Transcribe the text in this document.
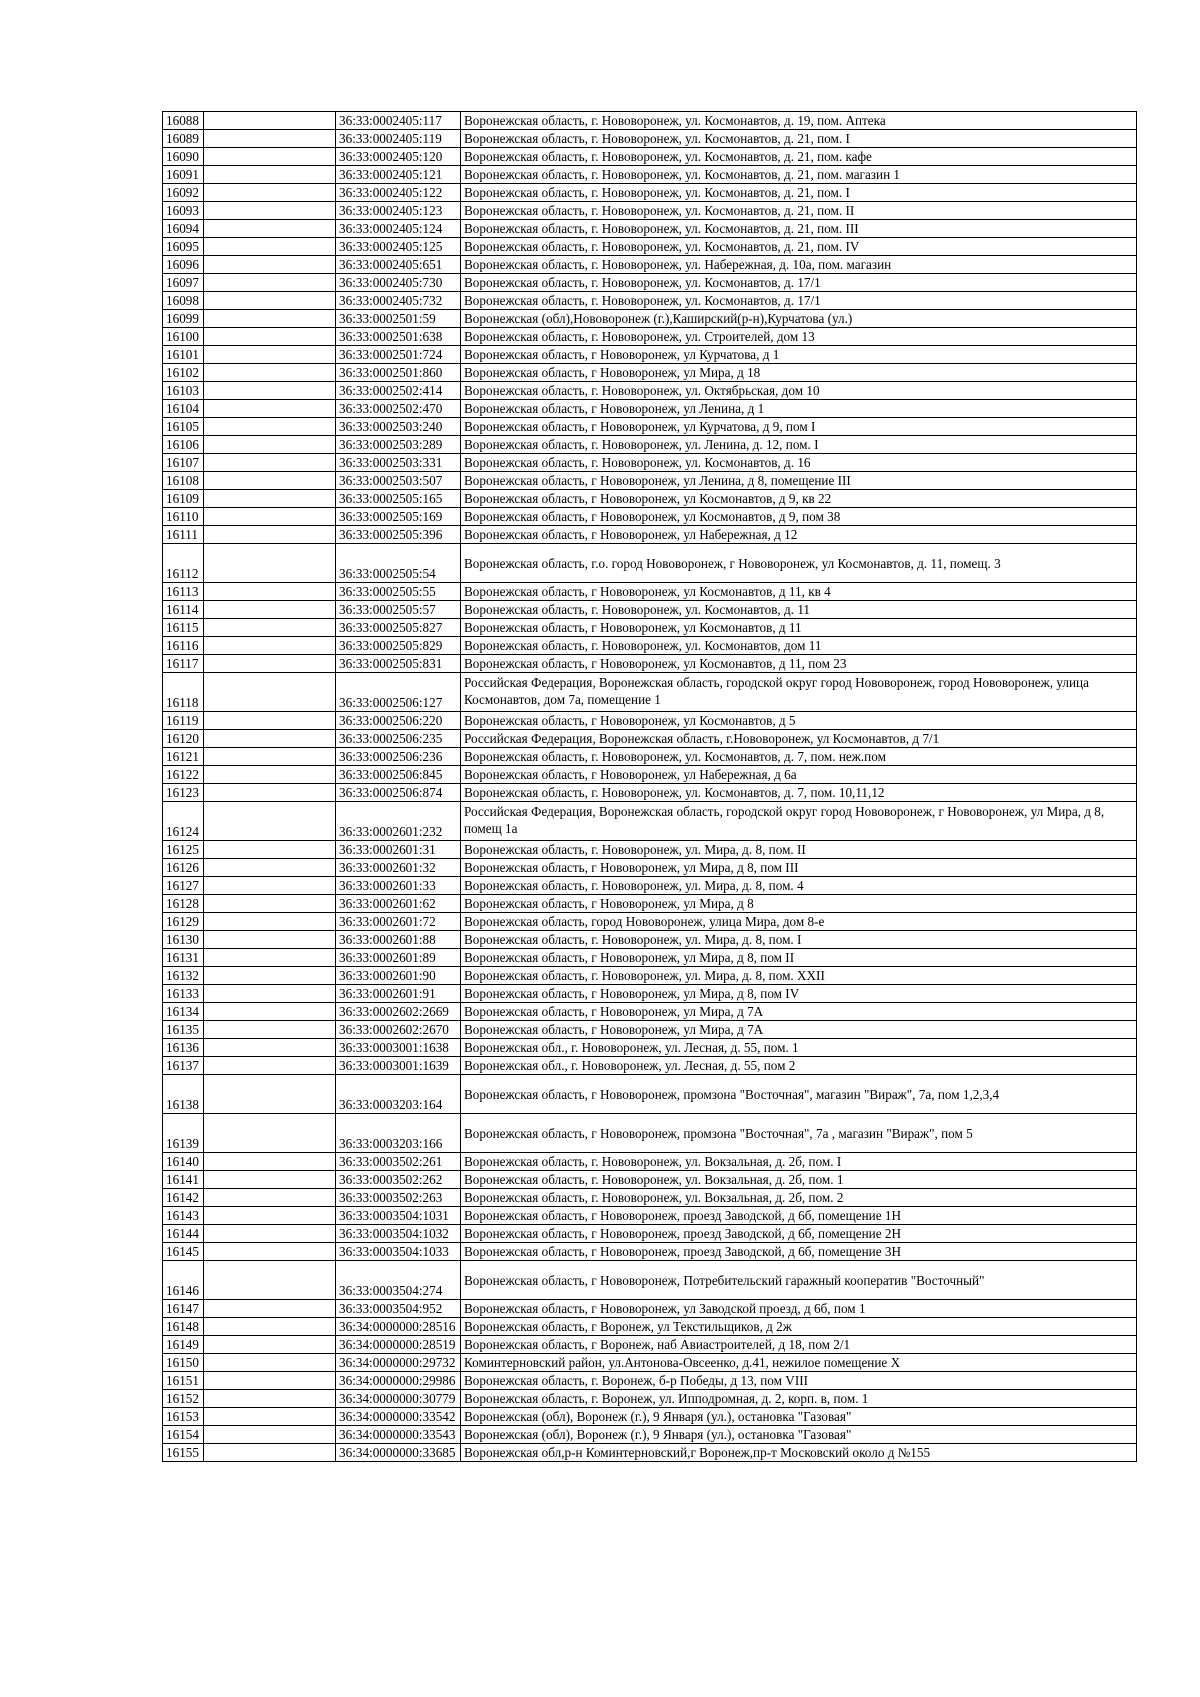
16088		36:33:0002405:117	Воронежская область, г. Нововоронеж, ул. Космонавтов, д. 19, пом. Аптека
16089		36:33:0002405:119	Воронежская область, г. Нововоронеж, ул. Космонавтов, д. 21, пом. I
16090		36:33:0002405:120	Воронежская область, г. Нововоронеж, ул. Космонавтов, д. 21, пом. кафе
16091		36:33:0002405:121	Воронежская область, г. Нововоронеж, ул. Космонавтов, д. 21, пом. магазин 1
16092		36:33:0002405:122	Воронежская область, г. Нововоронеж, ул. Космонавтов, д. 21, пом. I
16093		36:33:0002405:123	Воронежская область, г. Нововоронеж, ул. Космонавтов, д. 21, пом. II
16094		36:33:0002405:124	Воронежская область, г. Нововоронеж, ул. Космонавтов, д. 21, пом. III
16095		36:33:0002405:125	Воронежская область, г. Нововоронеж, ул. Космонавтов, д. 21, пом. IV
16096		36:33:0002405:651	Воронежская область, г. Нововоронеж, ул. Набережная, д. 10а, пом. магазин
16097		36:33:0002405:730	Воронежская область, г. Нововоронеж, ул. Космонавтов, д. 17/1
16098		36:33:0002405:732	Воронежская область, г. Нововоронеж, ул. Космонавтов, д. 17/1
16099		36:33:0002501:59	Воронежская (обл),Нововоронеж (г.),Каширский(р-н),Курчатова (ул.)
16100		36:33:0002501:638	Воронежская область, г. Нововоронеж, ул. Строителей, дом 13
16101		36:33:0002501:724	Воронежская область, г Нововоронеж, ул Курчатова, д 1
16102		36:33:0002501:860	Воронежская область, г Нововоронеж, ул Мира, д 18
16103		36:33:0002502:414	Воронежская область, г. Нововоронеж, ул. Октябрьская, дом 10
16104		36:33:0002502:470	Воронежская область, г Нововоронеж, ул Ленина, д 1
16105		36:33:0002503:240	Воронежская область, г Нововоронеж, ул Курчатова, д 9, пом I
16106		36:33:0002503:289	Воронежская область, г. Нововоронеж, ул. Ленина, д. 12, пом. I
16107		36:33:0002503:331	Воронежская область, г. Нововоронеж, ул. Космонавтов, д. 16
16108		36:33:0002503:507	Воронежская область, г Нововоронеж, ул Ленина, д 8, помещение III
16109		36:33:0002505:165	Воронежская область, г Нововоронеж, ул Космонавтов, д 9, кв 22
16110		36:33:0002505:169	Воронежская область, г Нововоронеж, ул Космонавтов, д 9, пом 38
16111		36:33:0002505:396	Воронежская область, г Нововоронеж, ул Набережная, д 12
16112		36:33:0002505:54	Воронежская область, г.о. город Нововоронеж, г Нововоронеж, ул Космонавтов, д. 11, помещ. 3
16113		36:33:0002505:55	Воронежская область, г Нововоронеж, ул Космонавтов, д 11, кв 4
16114		36:33:0002505:57	Воронежская область, г. Нововоронеж, ул. Космонавтов, д. 11
16115		36:33:0002505:827	Воронежская область, г Нововоронеж, ул Космонавтов, д 11
16116		36:33:0002505:829	Воронежская область, г. Нововоронеж, ул. Космонавтов, дом 11
16117		36:33:0002505:831	Воронежская область, г Нововоронеж, ул Космонавтов, д 11, пом 23
16118		36:33:0002506:127	Российская Федерация, Воронежская область, городской округ город Нововоронеж, город Нововоронеж, улица Космонавтов, дом 7а, помещение 1
16119		36:33:0002506:220	Воронежская область, г Нововоронеж, ул Космонавтов, д 5
16120		36:33:0002506:235	Российская Федерация, Воронежская область, г.Нововоронеж, ул Космонавтов, д 7/1
16121		36:33:0002506:236	Воронежская область, г. Нововоронеж, ул. Космонавтов, д. 7, пом. неж.пом
16122		36:33:0002506:845	Воронежская область, г Нововоронеж, ул Набережная, д 6а
16123		36:33:0002506:874	Воронежская область, г. Нововоронеж, ул. Космонавтов, д. 7, пом. 10,11,12
16124		36:33:0002601:232	Российская Федерация, Воронежская область, городской округ город Нововоронеж, г Нововоронеж, ул Мира, д 8, помещ 1а
16125		36:33:0002601:31	Воронежская область, г. Нововоронеж, ул. Мира, д. 8, пом. II
16126		36:33:0002601:32	Воронежская область, г Нововоронеж, ул Мира, д 8, пом III
16127		36:33:0002601:33	Воронежская область, г. Нововоронеж, ул. Мира, д. 8, пом. 4
16128		36:33:0002601:62	Воронежская область, г Нововоронеж, ул Мира, д 8
16129		36:33:0002601:72	Воронежская область, город Нововоронеж, улица Мира, дом 8-е
16130		36:33:0002601:88	Воронежская область, г. Нововоронеж, ул. Мира, д. 8, пом. I
16131		36:33:0002601:89	Воронежская область, г Нововоронеж, ул Мира, д 8, пом II
16132		36:33:0002601:90	Воронежская область, г. Нововоронеж, ул. Мира, д. 8, пом. XXII
16133		36:33:0002601:91	Воронежская область, г Нововоронеж, ул Мира, д 8, пом IV
16134		36:33:0002602:2669	Воронежская область, г Нововоронеж, ул Мира, д 7А
16135		36:33:0002602:2670	Воронежская область, г Нововоронеж, ул Мира, д 7А
16136		36:33:0003001:1638	Воронежская обл., г. Нововоронеж, ул. Лесная, д. 55, пом. 1
16137		36:33:0003001:1639	Воронежская обл., г. Нововоронеж, ул. Лесная, д. 55, пом 2
16138		36:33:0003203:164	Воронежская область, г Нововоронеж, промзона "Восточная", магазин "Вираж", 7а, пом 1,2,3,4
16139		36:33:0003203:166	Воронежская область, г Нововоронеж, промзона "Восточная", 7а , магазин "Вираж", пом 5
16140		36:33:0003502:261	Воронежская область, г. Нововоронеж, ул. Вокзальная, д. 2б, пом. I
16141		36:33:0003502:262	Воронежская область, г. Нововоронеж, ул. Вокзальная, д. 2б, пом. 1
16142		36:33:0003502:263	Воронежская область, г. Нововоронеж, ул. Вокзальная, д. 2б, пом. 2
16143		36:33:0003504:1031	Воронежская область, г Нововоронеж, проезд Заводской, д 6б, помещение 1Н
16144		36:33:0003504:1032	Воронежская область, г Нововоронеж, проезд Заводской, д 6б, помещение 2Н
16145		36:33:0003504:1033	Воронежская область, г Нововоронеж, проезд Заводской, д 6б, помещение 3Н
16146		36:33:0003504:274	Воронежская область, г Нововоронеж, Потребительский гаражный кооператив "Восточный"
16147		36:33:0003504:952	Воронежская область, г Нововоронеж, ул Заводской проезд, д 6б, пом 1
16148		36:34:0000000:28516	Воронежская область, г Воронеж, ул Текстильщиков, д 2ж
16149		36:34:0000000:28519	Воронежская область, г Воронеж, наб Авиастроителей, д 18, пом 2/1
16150		36:34:0000000:29732	Коминтерновский район, ул.Антонова-Овсеенко, д.41, нежилое помещение Х
16151		36:34:0000000:29986	Воронежская область, г. Воронеж, б-р Победы, д 13, пом VIII
16152		36:34:0000000:30779	Воронежская область, г. Воронеж, ул. Ипподромная, д. 2, корп. в, пом. 1
16153		36:34:0000000:33542	Воронежская (обл), Воронеж (г.), 9 Января (ул.), остановка "Газовая"
16154		36:34:0000000:33543	Воронежская (обл), Воронеж (г.), 9 Января (ул.), остановка "Газовая"
16155		36:34:0000000:33685	Воронежская обл,р-н Коминтерновский,г Воронеж,пр-т Московский около д №155
